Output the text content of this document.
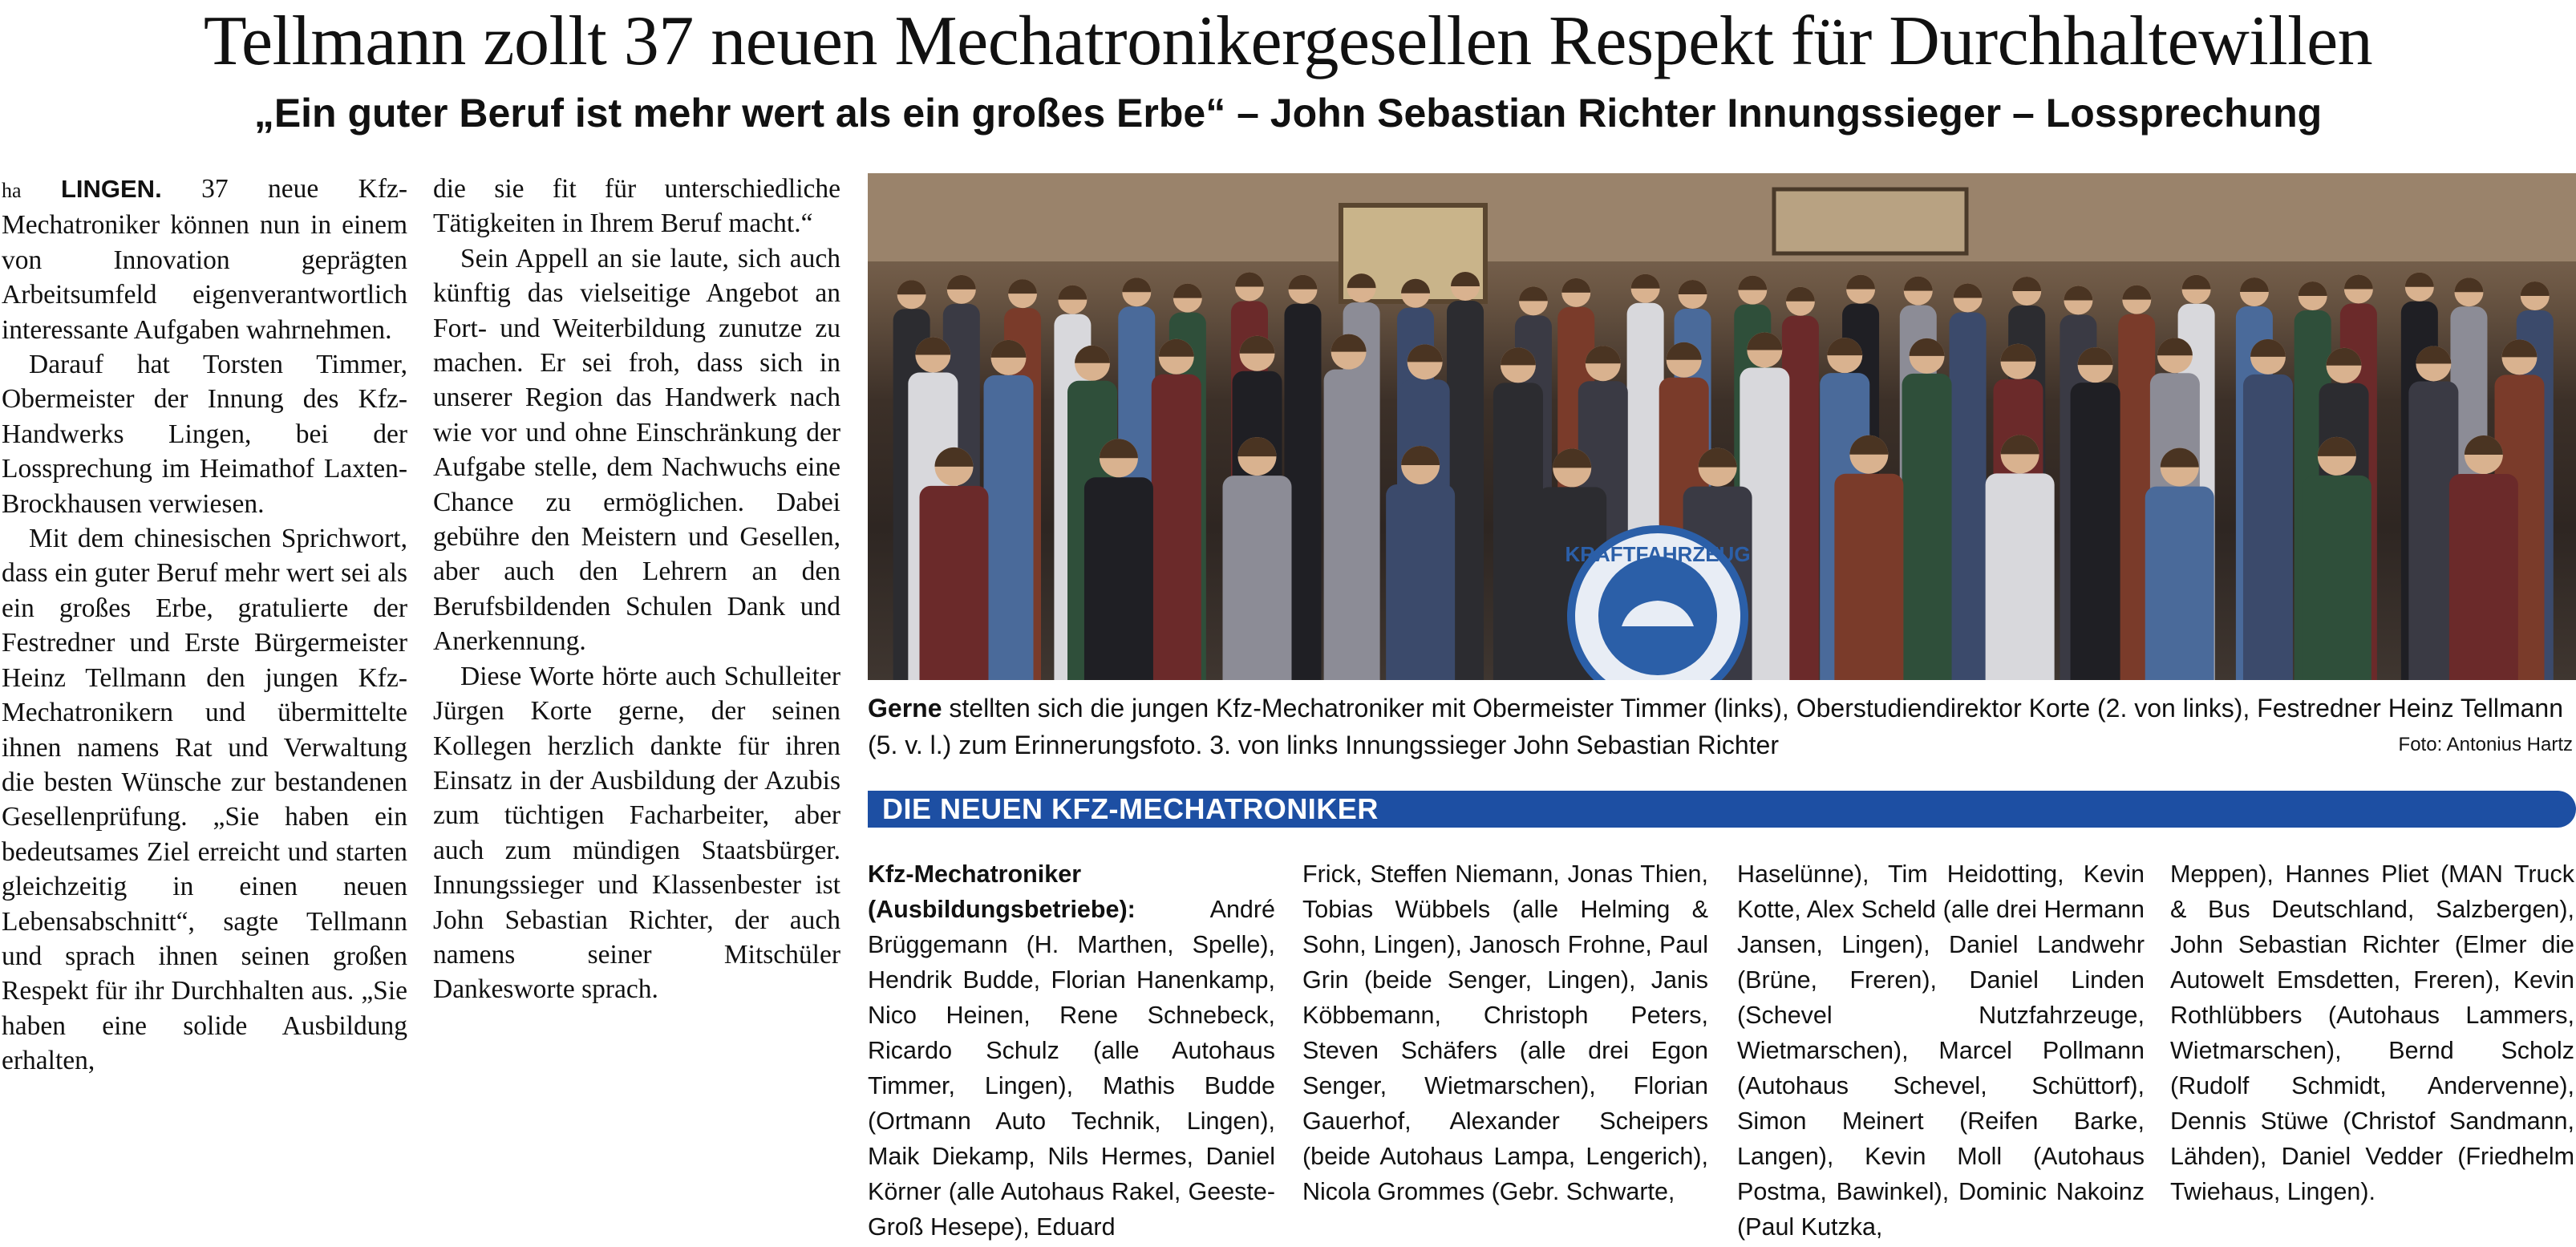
Tellmann zollt 37 neuen Mechatronikergesellen Respekt für Durchhaltewillen
„Ein guter Beruf ist mehr wert als ein großes Erbe“ – John Sebastian Richter Innungssieger – Lossprechung

ha LINGEN. 37 neue Kfz-Mechatroniker können nun in einem von Innovation geprägten Arbeitsumfeld eigenverantwortlich interessante Aufgaben wahrnehmen.

Darauf hat Torsten Timmer, Obermeister der Innung des Kfz-Handwerks Lingen, bei der Lossprechung im Heimathof Laxten-Brockhausen verwiesen.

Mit dem chinesischen Sprichwort, dass ein guter Beruf mehr wert sei als ein großes Erbe, gratulierte der Festredner und Erste Bürgermeister Heinz Tellmann den jungen Kfz-Mechatronikern und übermittelte ihnen namens Rat und Verwaltung die besten Wünsche zur bestandenen Gesellenprüfung. „Sie haben ein bedeutsames Ziel erreicht und starten gleichzeitig in einen neuen Lebensabschnitt“, sagte Tellmann und sprach ihnen seinen großen Respekt für ihr Durchhalten aus. „Sie haben eine solide Ausbildung erhalten,

die sie fit für unterschiedliche Tätigkeiten in Ihrem Beruf macht.“

Sein Appell an sie laute, sich auch künftig das vielseitige Angebot an Fort- und Weiterbildung zunutze zu machen. Er sei froh, dass sich in unserer Region das Handwerk nach wie vor und ohne Einschränkung der Aufgabe stelle, dem Nachwuchs eine Chance zu ermöglichen. Dabei gebühre den Meistern und Gesellen, aber auch den Lehrern an den Berufsbildenden Schulen Dank und Anerkennung.

Diese Worte hörte auch Schulleiter Jürgen Korte gerne, der seinen Kollegen herzlich dankte für ihren Einsatz in der Ausbildung der Azubis zum tüchtigen Facharbeiter, aber auch zum mündigen Staatsbürger. Innungssieger und Klassenbester ist John Sebastian Richter, der auch namens seiner Mitschüler Dankesworte sprach.

KRAFTFAHRZEUG
Gerne stellten sich die jungen Kfz-Mechatroniker mit Obermeister Timmer (links), Oberstudiendirektor Korte (2. von links), Festredner Heinz Tellmann (5. v. l.) zum Erinnerungsfoto. 3. von links Innungssieger John Sebastian Richter	Foto: Antonius Hartz
DIE NEUEN KFZ-MECHATRONIKER
Kfz-Mechatroniker (Ausbildungsbetriebe):	André Brüggemann (H. Marthen, Spelle), Hendrik Budde, Florian Hanenkamp, Nico Heinen, Rene Schnebeck, Ricardo Schulz (alle Autohaus Timmer, Lingen), Mathis Budde (Ortmann Auto Technik, Lingen), Maik Diekamp, Nils Hermes, Daniel Körner (alle Autohaus Rakel, Geeste-Groß Hesepe), Eduard
Frick, Steffen Niemann, Jonas Thien, Tobias Wübbels (alle Helming & Sohn, Lingen), Janosch Frohne, Paul Grin (beide Senger, Lingen), Janis Köbbemann, Christoph Peters, Steven Schäfers (alle drei Egon Senger, Wietmarschen), Florian Gauerhof, Alexander Scheipers (beide Autohaus Lampa, Lengerich), Nicola Grommes (Gebr. Schwarte,
Haselünne), Tim Heidotting, Kevin Kotte, Alex Scheld (alle drei Hermann Jansen, Lingen), Daniel Landwehr (Brüne, Freren), Daniel Linden (Schevel Nutzfahrzeuge, Wietmarschen), Marcel Pollmann (Autohaus Schevel, Schüttorf), Simon Meinert (Reifen Barke, Langen), Kevin Moll (Autohaus Postma, Bawinkel), Dominic Nakoinz (Paul Kutzka,
Meppen), Hannes Pliet (MAN Truck & Bus Deutschland, Salzbergen), John Sebastian Richter (Elmer die Autowelt Emsdetten, Freren), Kevin Rothlübbers (Autohaus Lammers, Wietmarschen), Bernd Scholz (Rudolf Schmidt, Andervenne), Dennis Stüwe (Christof Sandmann, Lähden), Daniel Vedder (Friedhelm Twiehaus, Lingen).
